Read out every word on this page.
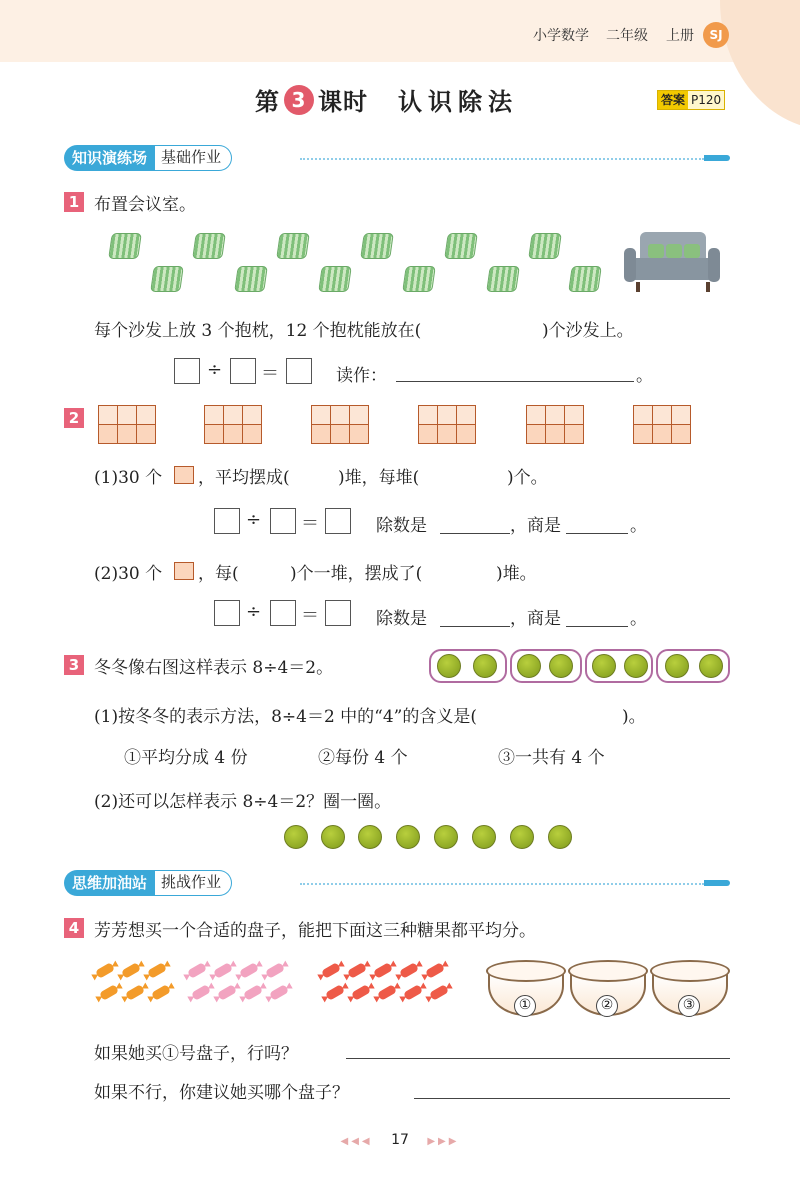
小学数学 二年级 上册	SJ
第 3 课时 认识除法	答案 P120
知识演练场 基础作业
1 布置会议室。
每个沙发上放 3 个抱枕，12 个抱枕能放在(	)个沙发上。
÷ ＝	读作：	。
2
(1)30 个 ，平均摆成(	)堆，每堆(	)个。
÷ ＝	除数是	，商是	。
(2)30 个 ，每(	)个一堆，摆成了(	)堆。
÷ ＝	除数是	，商是	。
3 冬冬像右图这样表示 8÷4＝2。
(1)按冬冬的表示方法，8÷4＝2 中的“4”的含义是(	)。
①平均分成 4 份	②每份 4 个	③一共有 4 个
(2)还可以怎样表示 8÷4＝2？圈一圈。
思维加油站 挑战作业
4 芳芳想买一个合适的盘子，能把下面这三种糖果都平均分。
①	②	③
如果她买①号盘子，行吗？
如果不行，你建议她买哪个盘子？
◀◀◀ 17 ▶▶▶
